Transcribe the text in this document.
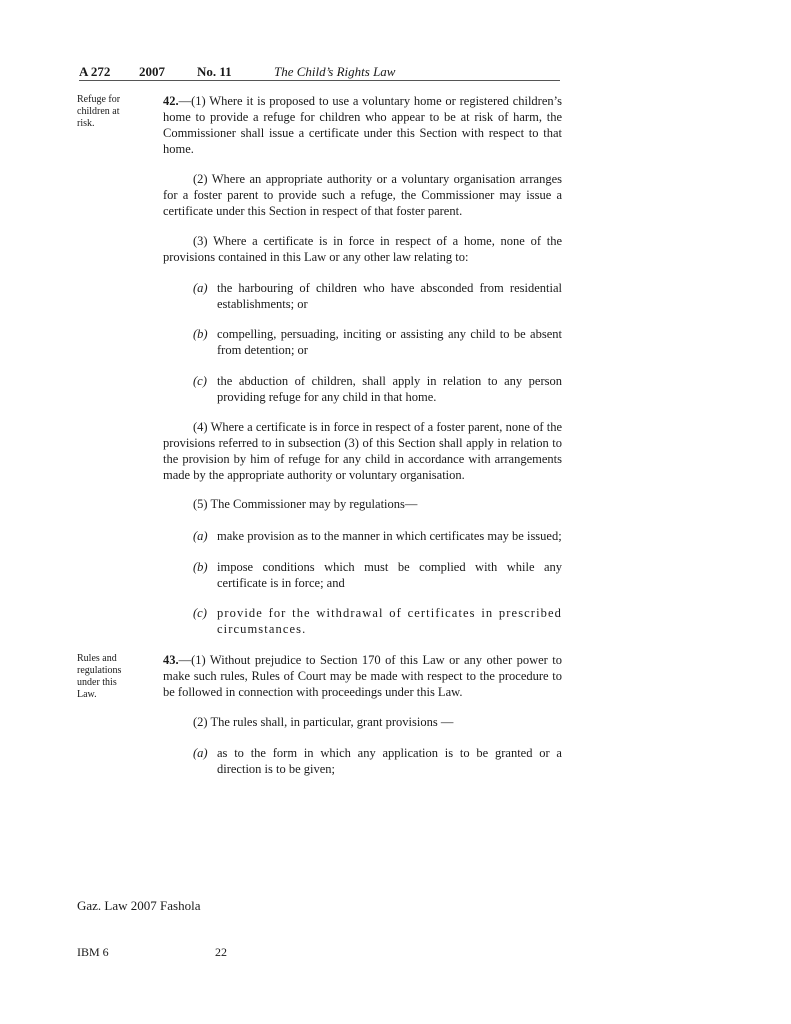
A 272 2007 No. 11	The Child’s Rights Law
Refuge for children at risk.
42.—(1) Where it is proposed to use a voluntary home or registered children’s home to provide a refuge for children who appear to be at risk of harm, the Commissioner shall issue a certificate under this Section with respect to that home.
(2) Where an appropriate authority or a voluntary organisation arranges for a foster parent to provide such a refuge, the Commissioner may issue a certificate under this Section in respect of that foster parent.
(3) Where a certificate is in force in respect of a home, none of the provisions contained in this Law or any other law relating to:
(a) the harbouring of children who have absconded from residential establishments; or
(b) compelling, persuading, inciting or assisting any child to be absent from detention; or
(c) the abduction of children, shall apply in relation to any person providing refuge for any child in that home.
(4) Where a certificate is in force in respect of a foster parent, none of the provisions referred to in subsection (3) of this Section shall apply in relation to the provision by him of refuge for any child in accordance with arrangements made by the appropriate authority or voluntary organisation.
(5) The Commissioner may by regulations—
(a) make provision as to the manner in which certificates may be issued;
(b) impose conditions which must be complied with while any certificate is in force; and
(c) provide for the withdrawal of certificates in prescribed circumstances.
Rules and regulations under this Law.
43.—(1) Without prejudice to Section 170 of this Law or any other power to make such rules, Rules of Court may be made with respect to the procedure to be followed in connection with proceedings under this Law.
(2) The rules shall, in particular, grant provisions —
(a) as to the form in which any application is to be granted or a direction is to be given;
Gaz. Law 2007 Fashola
IBM 6	22
